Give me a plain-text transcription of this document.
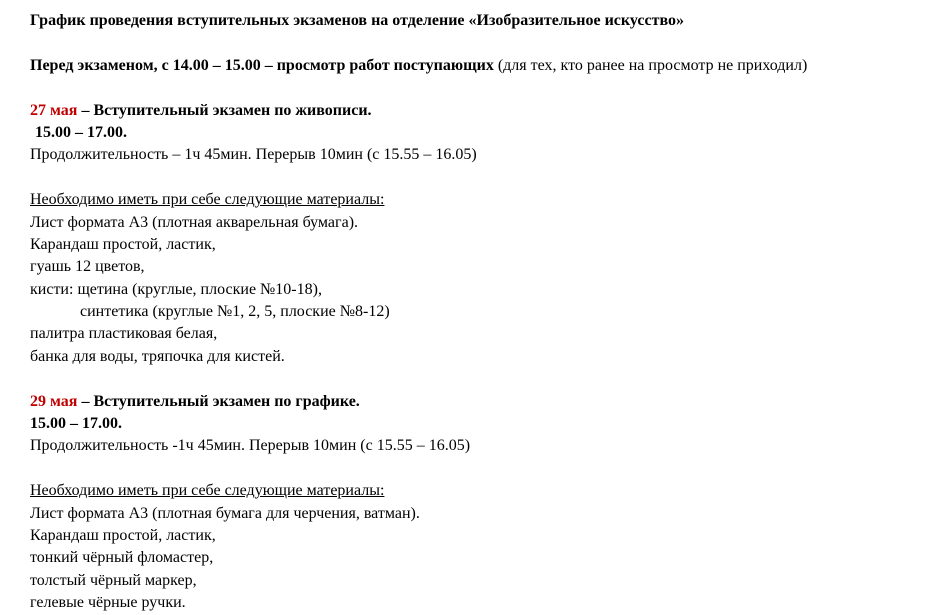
График проведения вступительных экзаменов на отделение «Изобразительное искусство»
Перед экзаменом, с 14.00 – 15.00 – просмотр работ поступающих (для тех, кто ранее на просмотр не приходил)
27 мая – Вступительный экзамен по живописи.
15.00 – 17.00.
Продолжительность – 1ч 45мин. Перерыв 10мин (с 15.55 – 16.05)
Необходимо иметь при себе следующие материалы:
Лист формата А3 (плотная акварельная бумага).
Карандаш простой, ластик,
гуашь 12 цветов,
кисти: щетина (круглые, плоские №10-18),
синтетика (круглые №1, 2, 5, плоские №8-12)
палитра пластиковая белая,
банка для воды, тряпочка для кистей.
29 мая – Вступительный экзамен по графике.
15.00 – 17.00.
Продолжительность -1ч 45мин. Перерыв 10мин (с 15.55 – 16.05)
Необходимо иметь при себе следующие материалы:
Лист формата А3 (плотная бумага для черчения, ватман).
Карандаш простой, ластик,
тонкий чёрный фломастер,
толстый чёрный маркер,
гелевые чёрные ручки.
